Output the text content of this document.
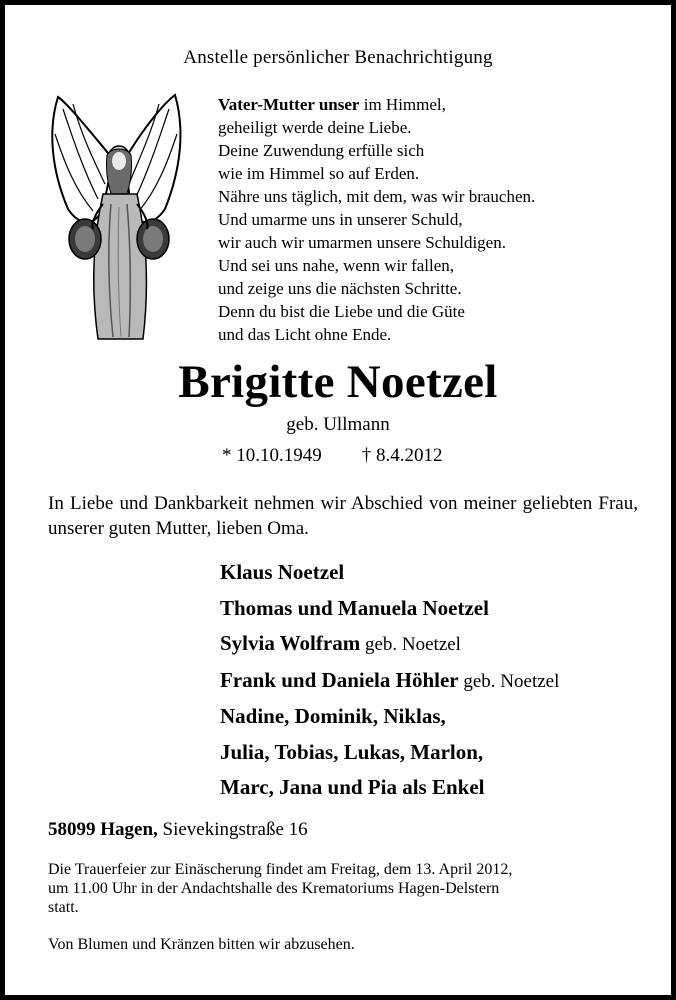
Anstelle persönlicher Benachrichtigung
Vater-Mutter unser im Himmel,
geheiligt werde deine Liebe.
Deine Zuwendung erfülle sich
wie im Himmel so auf Erden.
Nähre uns täglich, mit dem, was wir brauchen.
Und umarme uns in unserer Schuld,
wir auch wir umarmen unsere Schuldigen.
Und sei uns nahe, wenn wir fallen,
und zeige uns die nächsten Schritte.
Denn du bist die Liebe und die Güte
und das Licht ohne Ende.
Brigitte Noetzel
geb. Ullmann
* 10.10.1949 † 8.4.2012
In Liebe und Dankbarkeit nehmen wir Abschied von meiner geliebten Frau, unserer guten Mutter, lieben Oma.
Klaus Noetzel
Thomas und Manuela Noetzel
Sylvia Wolfram geb. Noetzel
Frank und Daniela Höhler geb. Noetzel
Nadine, Dominik, Niklas,
Julia, Tobias, Lukas, Marlon,
Marc, Jana und Pia als Enkel
58099 Hagen, Sievekingstraße 16
Die Trauerfeier zur Einäscherung findet am Freitag, dem 13. April 2012,
um 11.00 Uhr in der Andachtshalle des Krematoriums Hagen-Delstern
statt.
Von Blumen und Kränzen bitten wir abzusehen.
